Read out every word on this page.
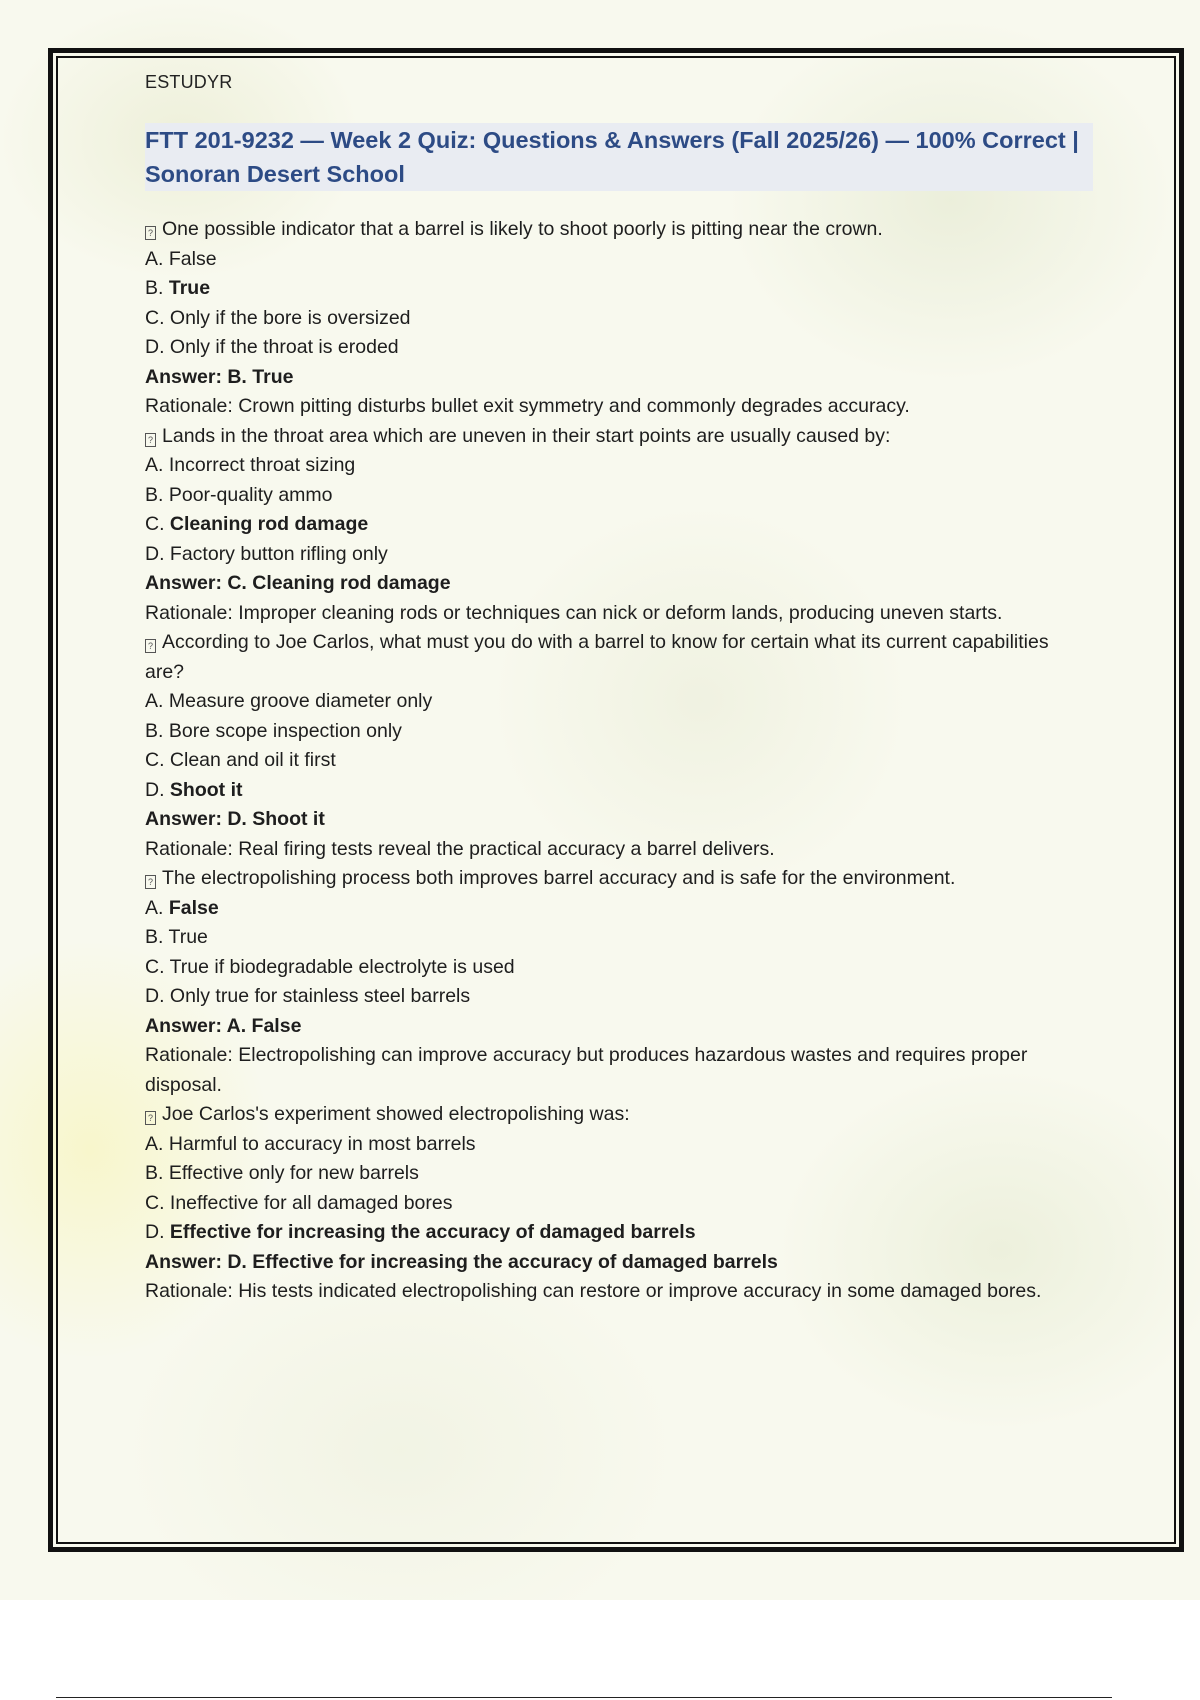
ESTUDYR
FTT 201-9232 — Week 2 Quiz: Questions & Answers (Fall 2025/26) — 100% Correct | Sonoran Desert School
? One possible indicator that a barrel is likely to shoot poorly is pitting near the crown.
A. False
B. True
C. Only if the bore is oversized
D. Only if the throat is eroded
Answer: B. True
Rationale: Crown pitting disturbs bullet exit symmetry and commonly degrades accuracy.
? Lands in the throat area which are uneven in their start points are usually caused by:
A. Incorrect throat sizing
B. Poor-quality ammo
C. Cleaning rod damage
D. Factory button rifling only
Answer: C. Cleaning rod damage
Rationale: Improper cleaning rods or techniques can nick or deform lands, producing uneven starts.
? According to Joe Carlos, what must you do with a barrel to know for certain what its current capabilities are?
A. Measure groove diameter only
B. Bore scope inspection only
C. Clean and oil it first
D. Shoot it
Answer: D. Shoot it
Rationale: Real firing tests reveal the practical accuracy a barrel delivers.
? The electropolishing process both improves barrel accuracy and is safe for the environment.
A. False
B. True
C. True if biodegradable electrolyte is used
D. Only true for stainless steel barrels
Answer: A. False
Rationale: Electropolishing can improve accuracy but produces hazardous wastes and requires proper disposal.
? Joe Carlos's experiment showed electropolishing was:
A. Harmful to accuracy in most barrels
B. Effective only for new barrels
C. Ineffective for all damaged bores
D. Effective for increasing the accuracy of damaged barrels
Answer: D. Effective for increasing the accuracy of damaged barrels
Rationale: His tests indicated electropolishing can restore or improve accuracy in some damaged bores.
